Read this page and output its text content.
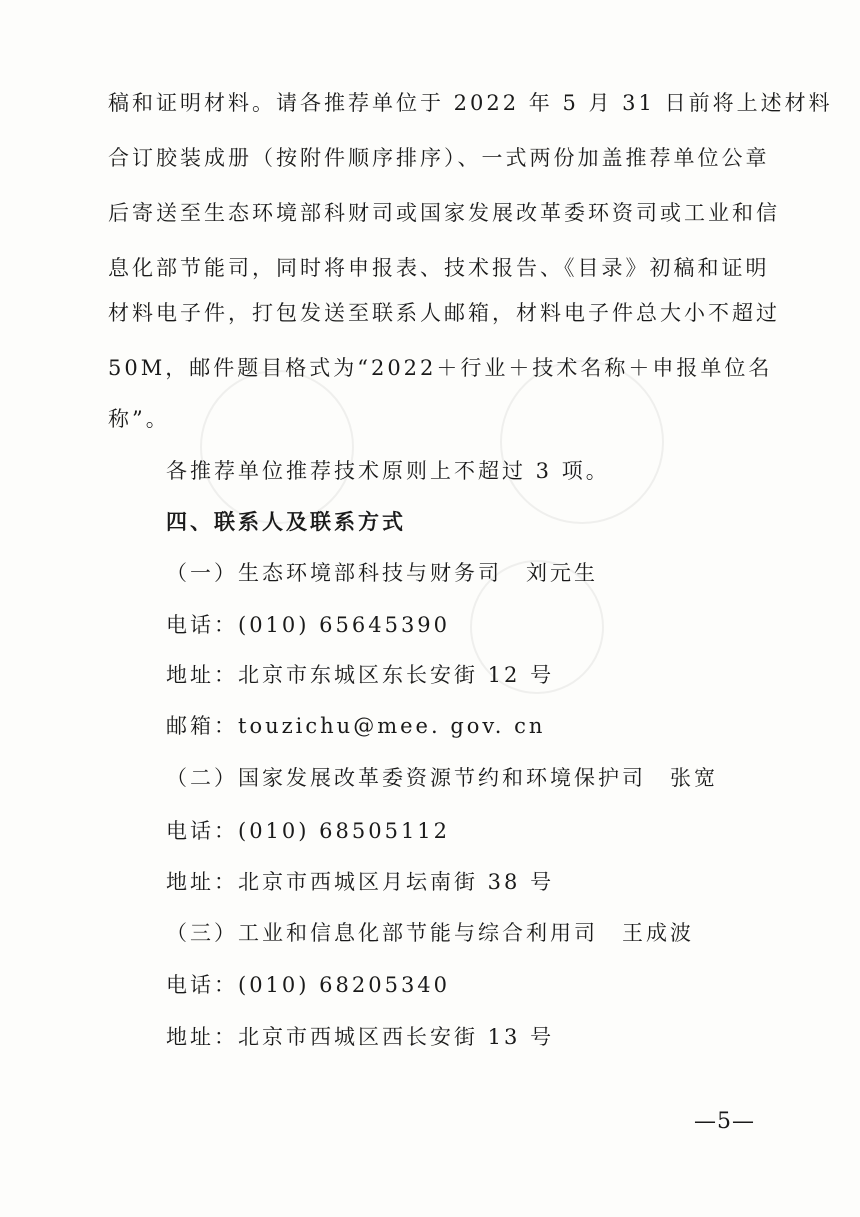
稿和证明材料。请各推荐单位于 2022 年 5 月 31 日前将上述材料
合订胶装成册（按附件顺序排序）、一式两份加盖推荐单位公章
后寄送至生态环境部科财司或国家发展改革委环资司或工业和信
息化部节能司，同时将申报表、技术报告、《目录》初稿和证明
材料电子件，打包发送至联系人邮箱，材料电子件总大小不超过
50M，邮件题目格式为“2022＋行业＋技术名称＋申报单位名
称”。
各推荐单位推荐技术原则上不超过 3 项。
四、联系人及联系方式
（一）生态环境部科技与财务司　刘元生
电话：(010) 65645390
地址：北京市东城区东长安街 12 号
邮箱：touzichu@mee. gov. cn
（二）国家发展改革委资源节约和环境保护司　张宽
电话：(010) 68505112
地址：北京市西城区月坛南街 38 号
（三）工业和信息化部节能与综合利用司　王成波
电话：(010) 68205340
地址：北京市西城区西长安街 13 号
—5—
